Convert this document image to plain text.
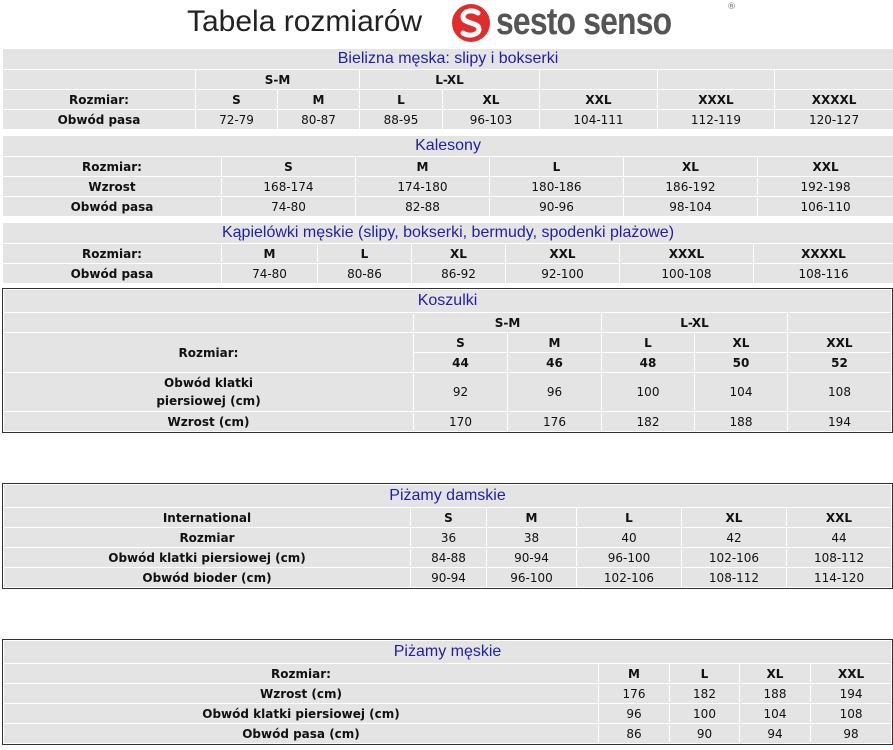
Tabela rozmiarów sesto senso	®
Bielizna męska: slipy i bokserki							
	S-M		L-XL				
Rozmiar:	S	M	L	XL	XXL	XXXL	XXXXL
Obwód pasa	72-79	80-87	88-95	96-103	104-111	112-119	120-127
Kalesony					
Rozmiar:	S	M	L	XL	XXL
Wzrost	168-174	174-180	180-186	186-192	192-198
Obwód pasa	74-80	82-88	90-96	98-104	106-110
Kąpielówki męskie (slipy, bokserki, bermudy, spodenki plażowe)						
Rozmiar:	M	L	XL	XXL	XXXL	XXXXL
Obwód pasa	74-80	80-86	86-92	92-100	100-108	108-116
Koszulki					
	S-M		L-XL		
Rozmiar:	S	M	L	XL	XXL
	44	46	48	50	52

Obwód klatki piersiowej (cm)	92	96	100	104	108
Wzrost (cm)	170	176	182	188	194
Piżamy damskie					
International	S	M	L	XL	XXL
Rozmiar	36	38	40	42	44
Obwód klatki piersiowej (cm)	84-88	90-94	96-100	102-106	108-112
Obwód bioder (cm)	90-94	96-100	102-106	108-112	114-120
Piżamy męskie				
Rozmiar:	M	L	XL	XXL
Wzrost (cm)	176	182	188	194
Obwód klatki piersiowej (cm)	96	100	104	108
Obwód pasa (cm)	86	90	94	98
